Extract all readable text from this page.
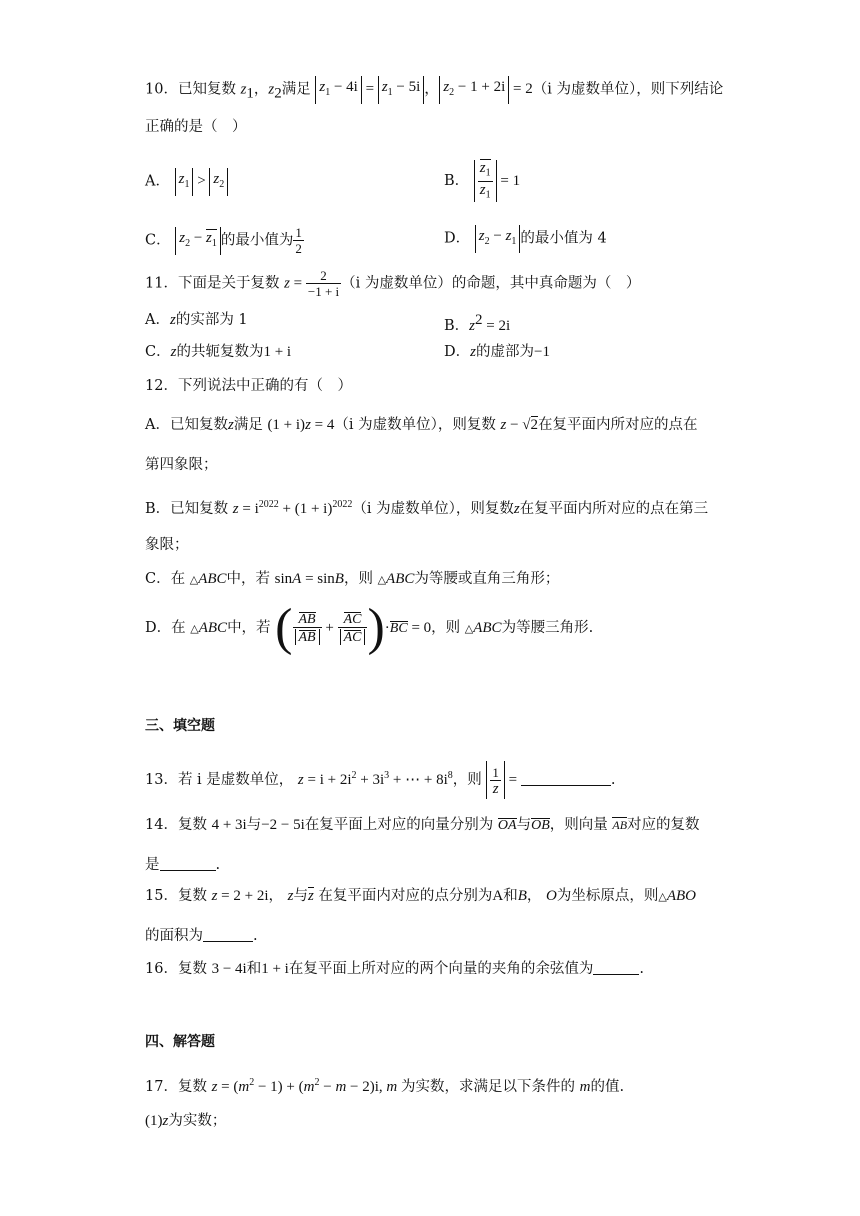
10．已知复数 $z_1$，$z_2$满足 $z_1 - 4i = z_1 - 5i$ ， $z_2 - 1 + 2i = 2(i$ 为虚数单位），则下列结论
正确的是（　）
A． $z_1 > z_2$	B． $\frac{z_1}{z_1} = 1$
C． $z_2 - z_1$ 的最小值为 $\frac{1}{2}$	D． $z_2 - z_1$ 的最小值为 4
11．下面是关于复数 $z = \frac{2}{-1 + i} (i$ 为虚数单位）的命题，其中真命题为（　）
A．z的实部为 1	B．$z^2 = 2i$
C．z的共轭复数为1 + i	D．z的虚部为−1
12．下列说法中正确的有（　）
A．已知复数z满足 (1 + i)z = 4（i 为虚数单位），则复数 z − √2在复平面内所对应的点在
第四象限；
B．已知复数 $z = i^{2022} + (1 + i)^{2022}(i$ 为虚数单位），则复数z在复平面内所对应的点在第三
象限；
C．在 △ABC中，若 sinA = sinB，则 △ABC为等腰或直角三角形；
D．在 △ABC中，若 ( $\frac{AB}{AB} + \frac{AC}{AC} )\cdot BC = 0$，则 △ABC为等腰三角形.
三、填空题
13．若 i 是虚数单位， $z = i + 2i^2 + 3i^3$ + ⋯ + $8i^8$，则 $\frac{1}{z}$ =	.
14．复数 4 + 3i与−2 − 5i在复平面上对应的向量分别为 OA与OB，则向量 AB对应的复数
是	.
15．复数 z = 2 + 2i， z与z 在复平面内对应的点分别为A和B， O为坐标原点，则△ABO
的面积为	.
16．复数 3 − 4i和1 + i在复平面上所对应的两个向量的夹角的余弦值为	.
四、解答题
17．复数 $z = (m^2 - 1) + (m^2 - m - 2)i$, m 为实数，求满足以下条件的 m的值.
(1)z为实数；
